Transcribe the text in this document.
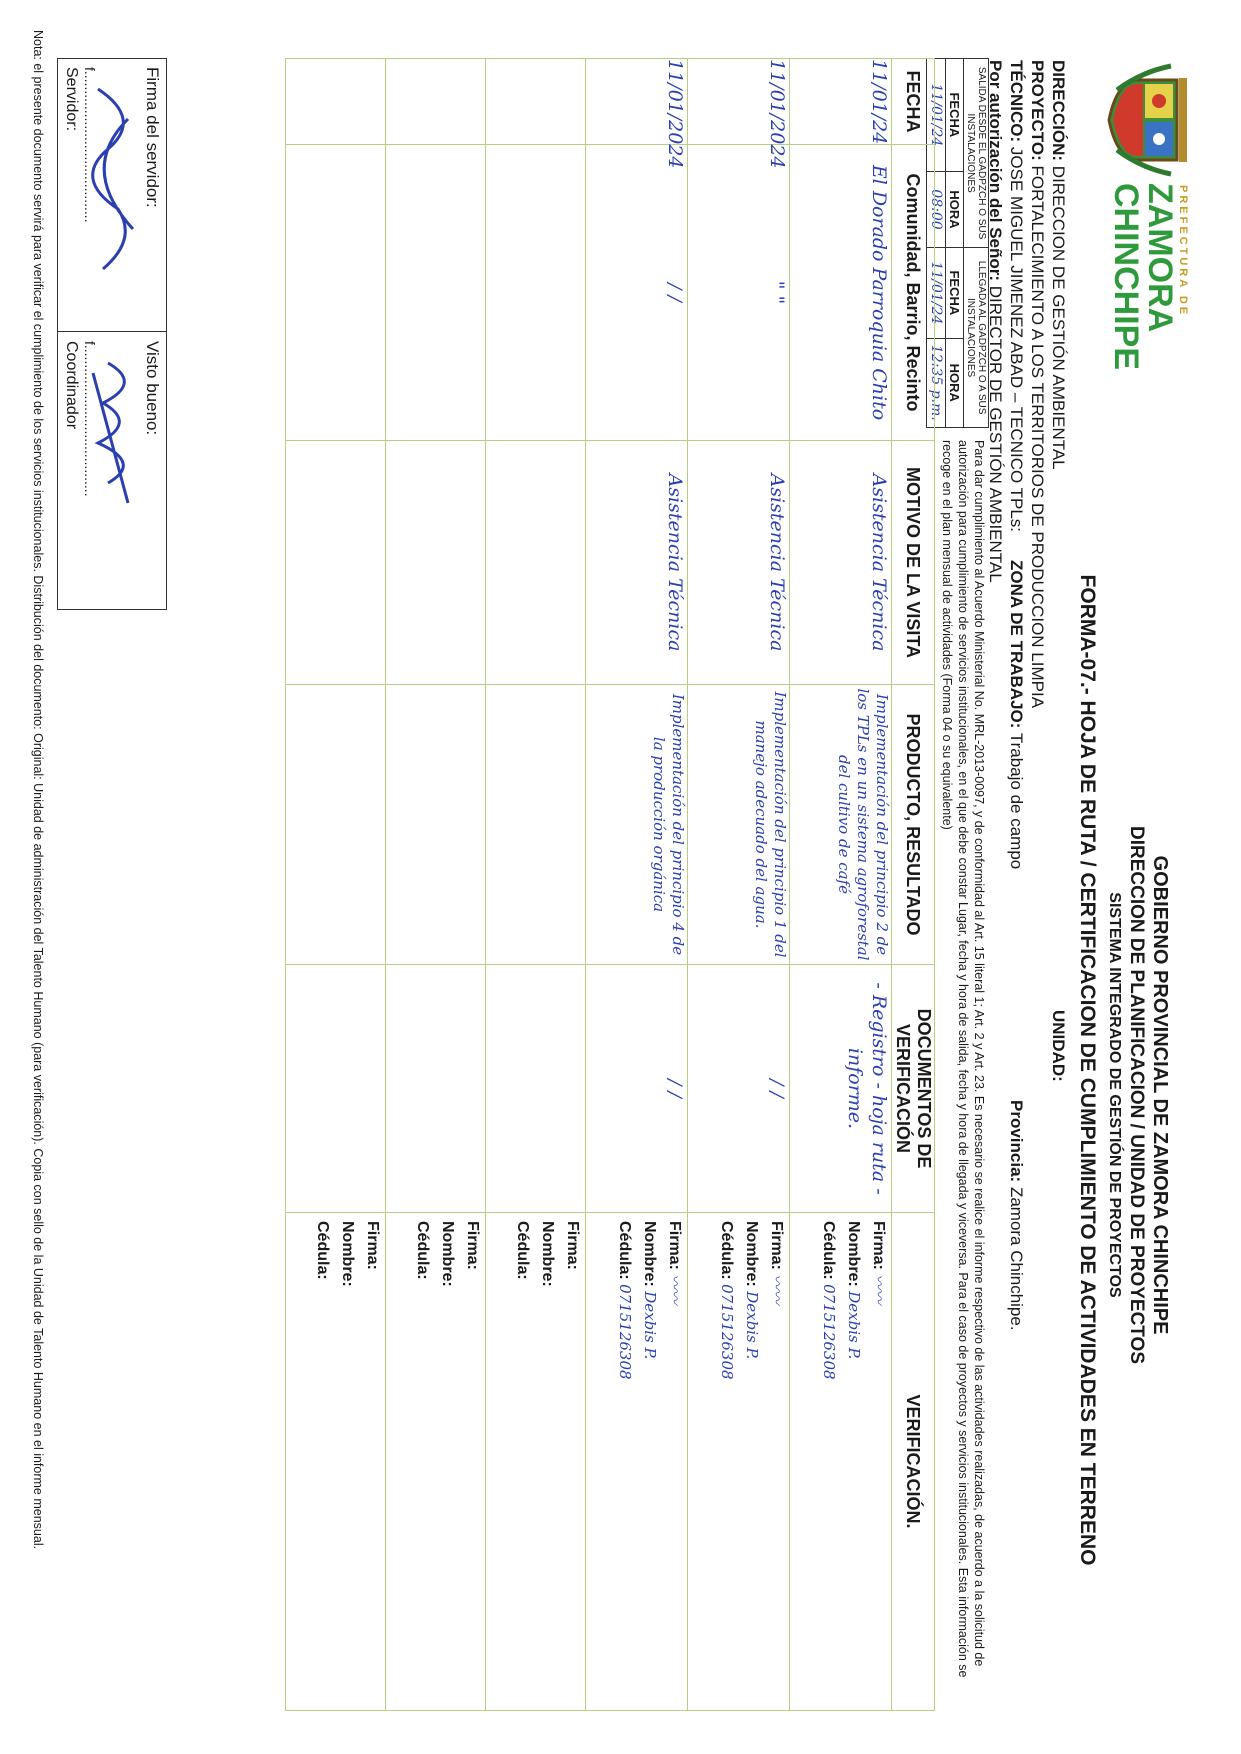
PREFECTURA DE
ZAMORA
CHINCHIPE
GOBIERNO PROVINCIAL DE ZAMORA CHINCHIPE
DIRECCION DE PLANIFICACION / UNIDAD DE PROYECTOS
SISTEMA INTEGRADO DE GESTIÓN DE PROYECTOS
FORMA-07.- HOJA DE RUTA / CERTIFICACION DE CUMPLIMIENTO DE ACTIVIDADES EN TERRENO
DIRECCIÓN: DIRECCION DE GESTIÓN AMBIENTAL
UNIDAD:
PROYECTO: FORTALECIMIENTO A LOS TERRITORIOS DE PRODUCCION LIMPIA
TÉCNICO: JOSE MIGUEL JIMENEZ ABAD – TECNICO TPLs:
ZONA DE TRABAJO: Trabajo de campo
Provincia: Zamora Chinchipe.
Por autorización del Señor: DIRECTOR DE GESTIÓN AMBIENTAL
SALIDA DESDE EL GADPZCH O SUS INSTALACIONES		LLEGADA AL GADPZCH O A SUS INSTALACIONES	
FECHA	HORA	FECHA	HORA
11/01/24	08:00	11/01/24	12:35 p.m.
Para dar cumplimiento al Acuerdo Ministerial No. MRL-2013-0097, y de conformidad al Art. 15 literal 1; Art. 2 y Art. 23. Es necesario se realice el informe respectivo de las actividades realizadas, de acuerdo a la solicitud de autorización para cumplimiento de servicios institucionales, en el que debe constar Lugar, fecha y hora de salida, fecha y hora de llegada y viceversa. Para el caso de proyectos y servicios institucionales. Esta información se recoge en el plan mensual de actividades (Forma 04 o su equivalente)
FECHA	Comunidad, Barrio, Recinto	MOTIVO DE LA VISITA	PRODUCTO, RESULTADO	DOCUMENTOS DE VERIFICACIÓN	VERIFICACIÓN.
11/01/24	El Dorado Parroquia Chito	Asistencia Técnica	Implementación del principio 2 de los TPLs en un sistema agroforestal del cultivo de café	- Registro - hoja ruta - informe.	Firma: 〰〰
Nombre: Dexbis P.
Cédula: 0715126308

11/01/2024	" "	Asistencia Técnica	Implementación del principio 1 del manejo adecuado del agua.	/ /	Firma: 〰〰
Nombre: Dexbis P.
Cédula: 0715126308

11/01/2024	/ /	Asistencia Técnica	Implementación del principio 4 de la producción orgánica	/ /	Firma: 〰〰
Nombre: Dexbis P.
Cédula: 0715126308

					Firma:
Nombre:
Cédula:

					Firma:
Nombre:
Cédula:

					Firma:
Nombre:
Cédula:
Firma del servidor:
f.......................................
Servidor:
Visto bueno:
f.......................................
Coordinador
Nota: el presente documento servirá para verificar el cumplimiento de los servicios institucionales. Distribución del documento: Original: Unidad de administración del Talento Humano (para verificación). Copia con sello de la Unidad de Talento Humano en el informe mensual.
